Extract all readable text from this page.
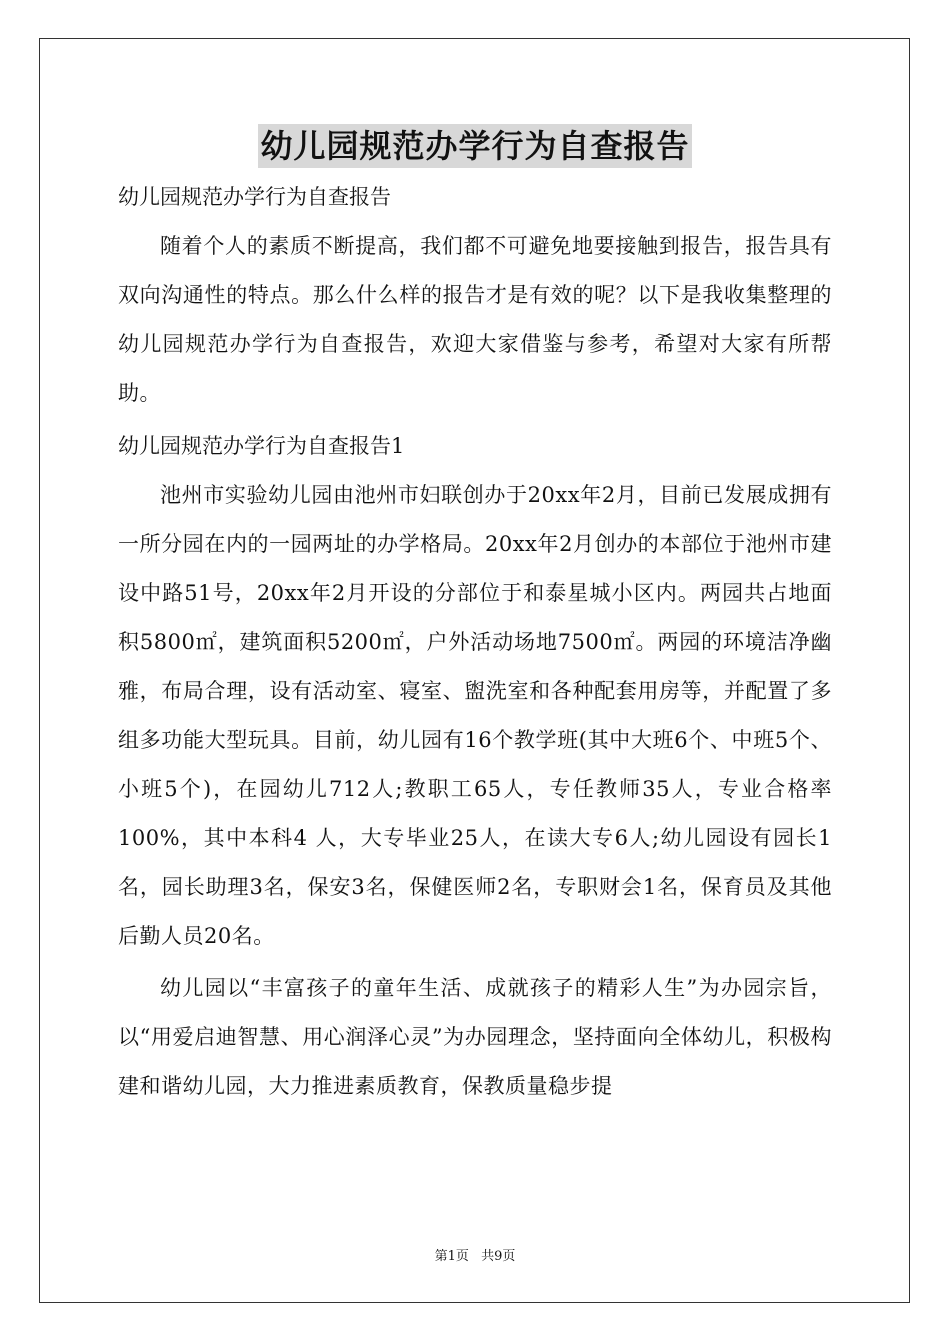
幼儿园规范办学行为自查报告

幼儿园规范办学行为自查报告

随着个人的素质不断提高，我们都不可避免地要接触到报告，报告具有双向沟通性的特点。那么什么样的报告才是有效的呢？以下是我收集整理的幼儿园规范办学行为自查报告，欢迎大家借鉴与参考，希望对大家有所帮助。

幼儿园规范办学行为自查报告1

池州市实验幼儿园由池州市妇联创办于20xx年2月，目前已发展成拥有一所分园在内的一园两址的办学格局。20xx年2月创办的本部位于池州市建设中路51号，20xx年2月开设的分部位于和泰星城小区内。两园共占地面积5800㎡，建筑面积5200㎡，户外活动场地7500㎡。两园的环境洁净幽雅，布局合理，设有活动室、寝室、盥洗室和各种配套用房等，并配置了多组多功能大型玩具。目前，幼儿园有16个教学班(其中大班6个、中班5个、小班5个)，在园幼儿712人;教职工65人，专任教师35人，专业合格率100%，其中本科4 人，大专毕业25人，在读大专6人;幼儿园设有园长1名，园长助理3名，保安3名，保健医师2名，专职财会1名，保育员及其他后勤人员20名。

幼儿园以“丰富孩子的童年生活、成就孩子的精彩人生”为办园宗旨，以“用爱启迪智慧、用心润泽心灵”为办园理念，坚持面向全体幼儿，积极构建和谐幼儿园，大力推进素质教育，保教质量稳步提

第1页 共9页
